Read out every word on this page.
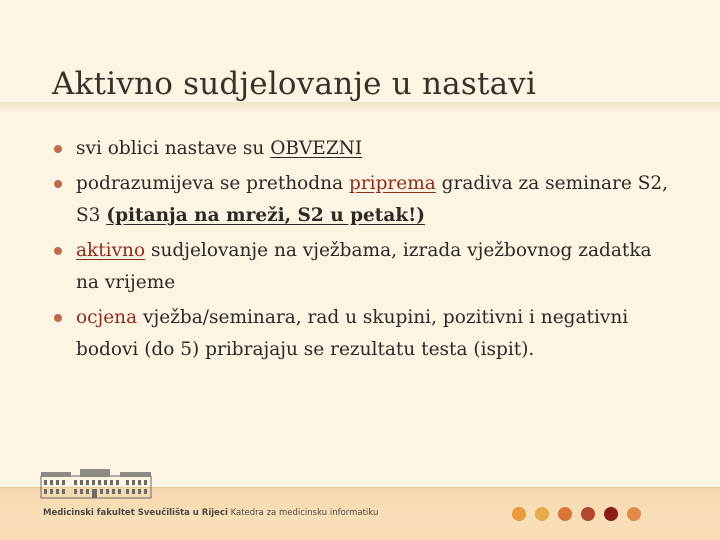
Aktivno sudjelovanje u nastavi
svi oblici nastave su OBVEZNI
podrazumijeva se prethodna priprema gradiva za seminare S2, S3 (pitanja na mreži, S2 u petak!)
aktivno sudjelovanje na vježbama, izrada vježbovnog zadatka na vrijeme
ocjena vježba/seminara, rad u skupini, pozitivni i negativni bodovi (do 5) pribrajaju se rezultatu testa (ispit).
Medicinski fakultet Sveučilišta u Rijeci Katedra za medicinsku informatiku
